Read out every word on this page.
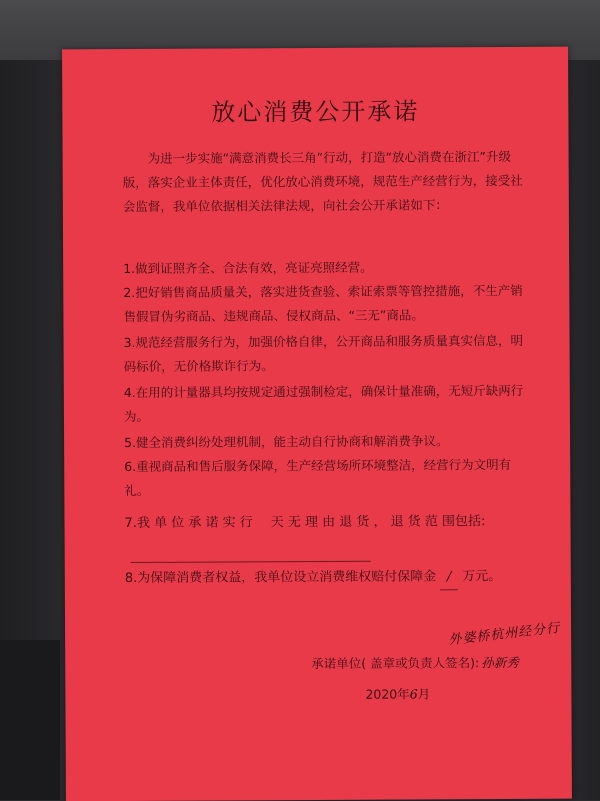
放心消费公开承诺
为进一步实施“满意消费长三角”行动，打造“放心消费在浙江”升级版，落实企业主体责任，优化放心消费环境，规范生产经营行为，接受社会监督，我单位依据相关法律法规，向社会公开承诺如下：
1.做到证照齐全、合法有效，亮证亮照经营。
2.把好销售商品质量关，落实进货查验、索证索票等管控措施，不生产销售假冒伪劣商品、违规商品、侵权商品、“三无”商品。
3.规范经营服务行为，加强价格自律，公开商品和服务质量真实信息，明码标价，无价格欺诈行为。
4.在用的计量器具均按规定通过强制检定，确保计量准确，无短斤缺两行为。
5.健全消费纠纷处理机制，能主动自行协商和解消费争议。
6.重视商品和售后服务保障，生产经营场所环境整洁，经营行为文明有礼。
7.我 单 位 承 诺 实 行 天 无 理 由 退 货 ， 退 货 范 围包括:
8.为保障消费者权益，我单位设立消费维权赔付保障金 / 万元。
外婆桥杭州经分行
承诺单位( 盖章或负责人签名): 孙新秀
2020年6月
